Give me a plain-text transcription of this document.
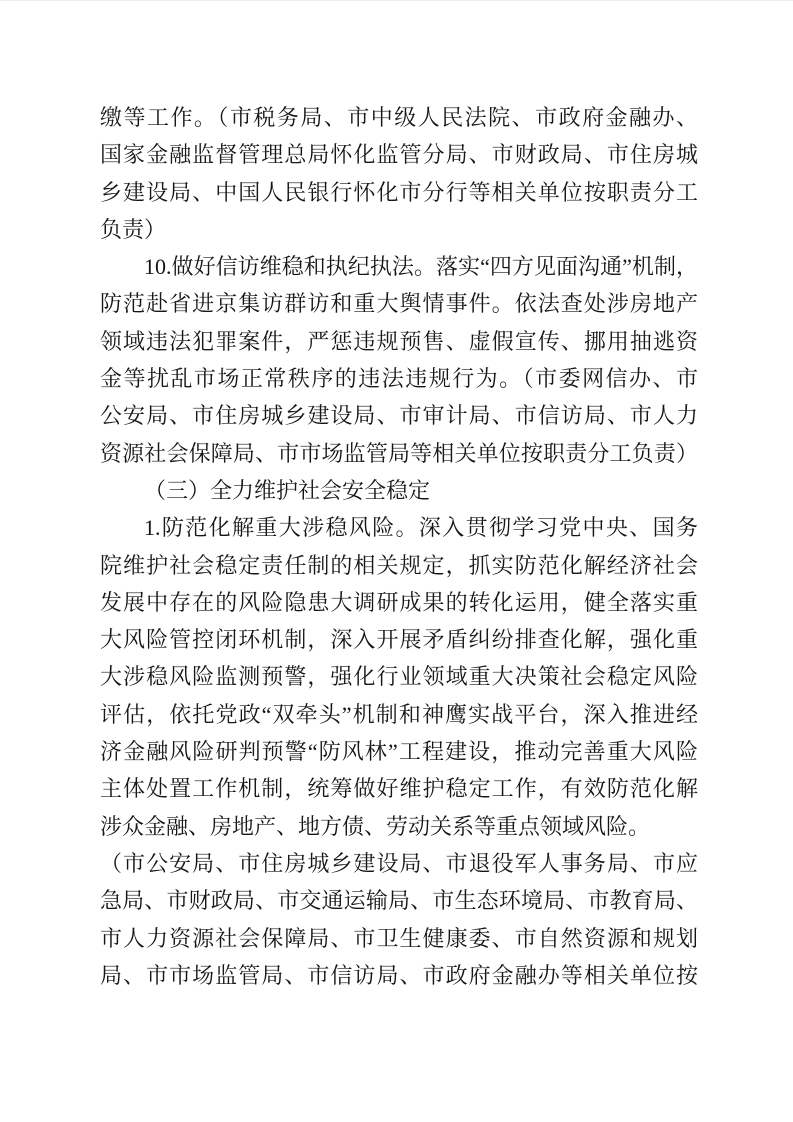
缴等工作。（市税务局、市中级人民法院、市政府金融办、
国家金融监督管理总局怀化监管分局、市财政局、市住房城
乡建设局、中国人民银行怀化市分行等相关单位按职责分工
负责）
10.做好信访维稳和执纪执法。落实“四方见面沟通”机制，
防范赴省进京集访群访和重大舆情事件。依法查处涉房地产
领域违法犯罪案件，严惩违规预售、虚假宣传、挪用抽逃资
金等扰乱市场正常秩序的违法违规行为。（市委网信办、市
公安局、市住房城乡建设局、市审计局、市信访局、市人力
资源社会保障局、市市场监管局等相关单位按职责分工负责）
（三）全力维护社会安全稳定
1.防范化解重大涉稳风险。深入贯彻学习党中央、国务
院维护社会稳定责任制的相关规定，抓实防范化解经济社会
发展中存在的风险隐患大调研成果的转化运用，健全落实重
大风险管控闭环机制，深入开展矛盾纠纷排查化解，强化重
大涉稳风险监测预警，强化行业领域重大决策社会稳定风险
评估，依托党政“双牵头”机制和神鹰实战平台，深入推进经
济金融风险研判预警“防风林”工程建设，推动完善重大风险
主体处置工作机制，统筹做好维护稳定工作，有效防范化解
涉众金融、房地产、地方债、劳动关系等重点领域风险。
（市公安局、市住房城乡建设局、市退役军人事务局、市应
急局、市财政局、市交通运输局、市生态环境局、市教育局、
市人力资源社会保障局、市卫生健康委、市自然资源和规划
局、市市场监管局、市信访局、市政府金融办等相关单位按
